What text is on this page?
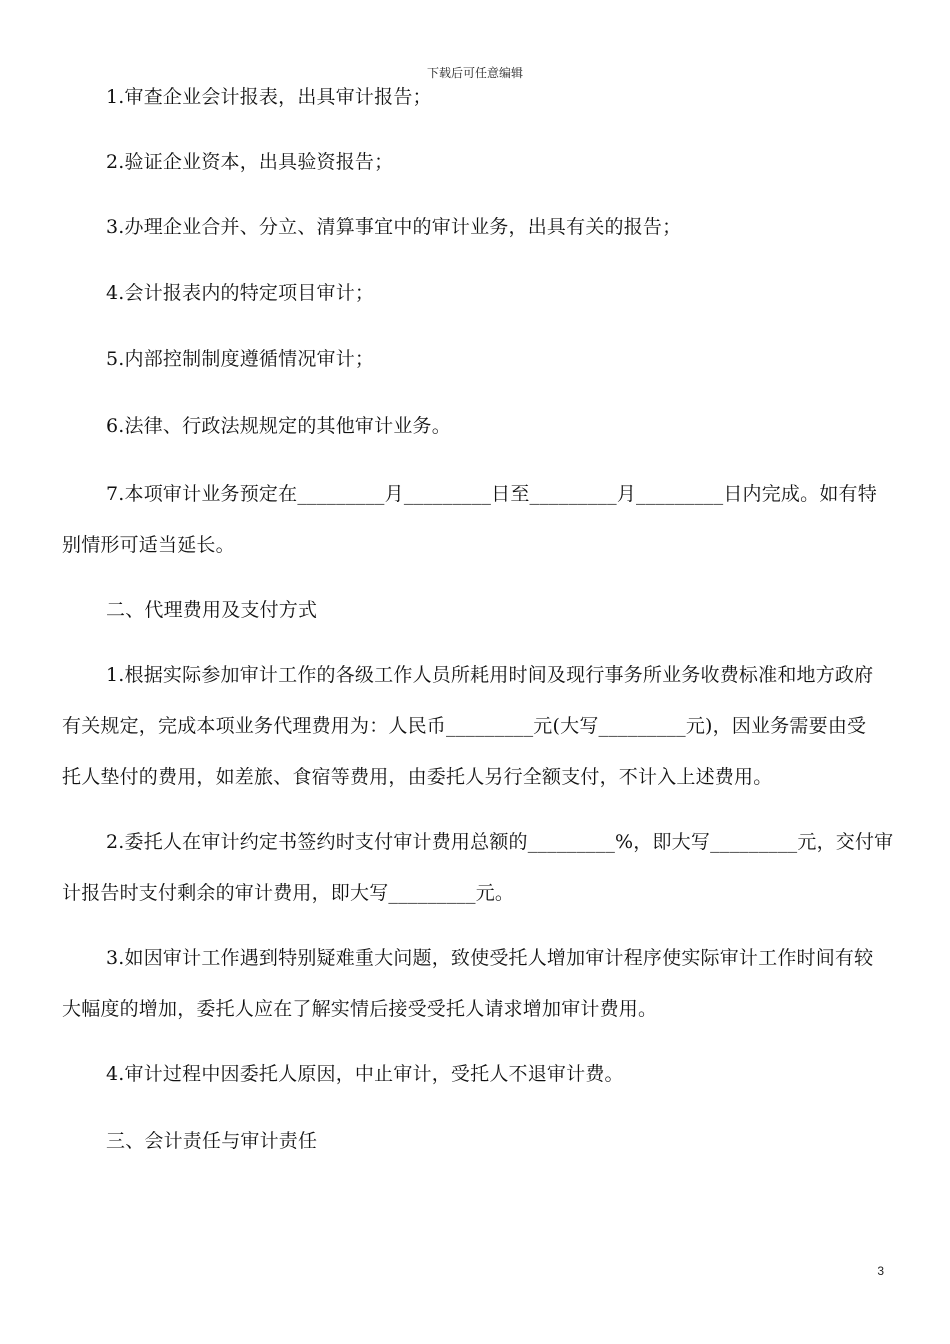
下载后可任意编辑
1.审查企业会计报表，出具审计报告；
2.验证企业资本，出具验资报告；
3.办理企业合并、分立、清算事宜中的审计业务，出具有关的报告；
4.会计报表内的特定项目审计；
5.内部控制制度遵循情况审计；
6.法律、行政法规规定的其他审计业务。
7.本项审计业务预定在_________月_________日至_________月_________日内完成。如有特
别情形可适当延长。
二、代理费用及支付方式
1.根据实际参加审计工作的各级工作人员所耗用时间及现行事务所业务收费标准和地方政府
有关规定，完成本项业务代理费用为：人民币_________元(大写_________元)，因业务需要由受
托人垫付的费用，如差旅、食宿等费用，由委托人另行全额支付，不计入上述费用。
2.委托人在审计约定书签约时支付审计费用总额的_________%，即大写_________元，交付审
计报告时支付剩余的审计费用，即大写_________元。
3.如因审计工作遇到特别疑难重大问题，致使受托人增加审计程序使实际审计工作时间有较
大幅度的增加，委托人应在了解实情后接受受托人请求增加审计费用。
4.审计过程中因委托人原因，中止审计，受托人不退审计费。
三、会计责任与审计责任
3
